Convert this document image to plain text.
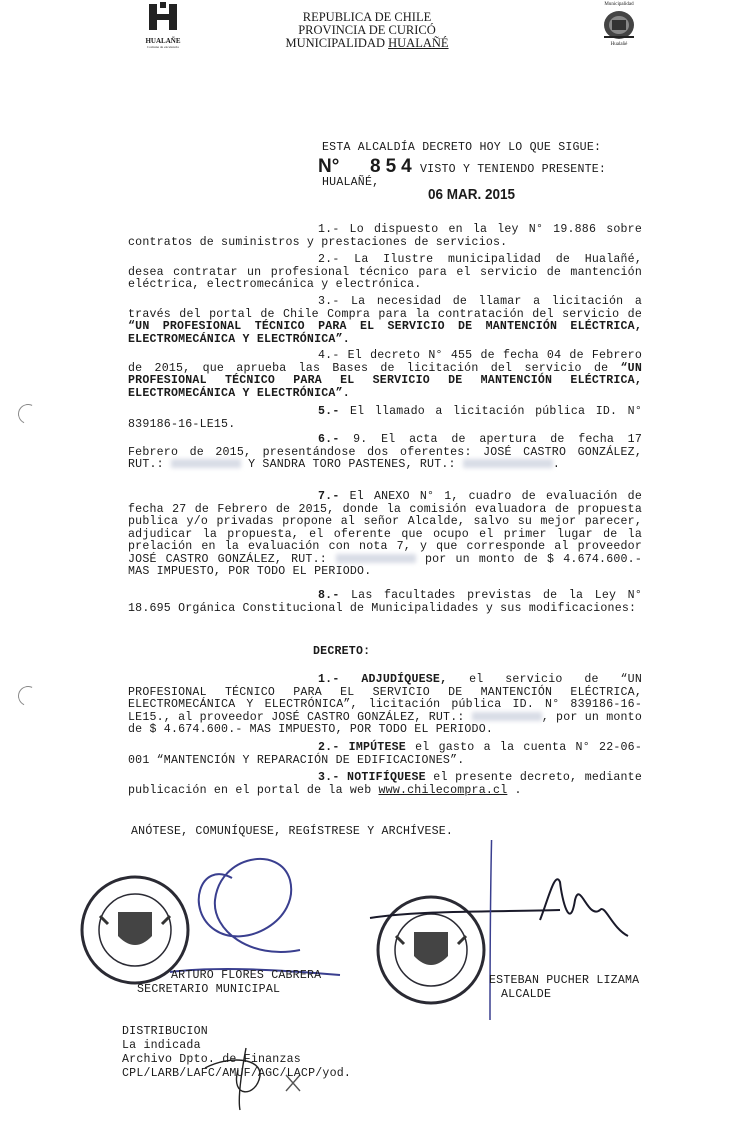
HUALAÑE
Comuna de excelencia
Municipalidad
Hualañé
REPUBLICA DE CHILE
PROVINCIA DE CURICÓ
MUNICIPALIDAD HUALAÑÉ
ESTA ALCALDÍA DECRETO HOY LO QUE SIGUE:
N° 854 VISTO Y TENIENDO PRESENTE:
HUALAÑÉ,
06 MAR. 2015
1.- Lo dispuesto en la ley N° 19.886 sobre contratos de suministros y prestaciones de servicios.
2.- La Ilustre municipalidad de Hualañé, desea contratar un profesional técnico para el servicio de mantención eléctrica, electromecánica y electrónica.
3.- La necesidad de llamar a licitación a través del portal de Chile Compra para la contratación del servicio de “UN PROFESIONAL TÉCNICO PARA EL SERVICIO DE MANTENCIÓN ELÉCTRICA, ELECTROMECÁNICA Y ELECTRÓNICA”.
4.- El decreto N° 455 de fecha 04 de Febrero de 2015, que aprueba las Bases de licitación del servicio de “UN PROFESIONAL TÉCNICO PARA EL SERVICIO DE MANTENCIÓN ELÉCTRICA, ELECTROMECÁNICA Y ELECTRÓNICA”.
5.- El llamado a licitación pública ID. N° 839186-16-LE15.
6.- 9. El acta de apertura de fecha 17 Febrero de 2015, presentándose dos oferentes: JOSÉ CASTRO GONZÁLEZ, RUT.:	Y SANDRA TORO PASTENES, RUT.:	.
7.- El ANEXO N° 1, cuadro de evaluación de fecha 27 de Febrero de 2015, donde la comisión evaluadora de propuesta publica y/o privadas propone al señor Alcalde, salvo su mejor parecer, adjudicar la propuesta, el oferente que ocupo el primer lugar de la prelación en la evaluación con nota 7, y que corresponde al proveedor JOSÉ CASTRO GONZÁLEZ, RUT.:	por un monto de $ 4.674.600.- MAS IMPUESTO, POR TODO EL PERIODO.
8.- Las facultades previstas de la Ley N° 18.695 Orgánica Constitucional de Municipalidades y sus modificaciones:
DECRETO:
1.- ADJUDÍQUESE, el servicio de “UN PROFESIONAL TÉCNICO PARA EL SERVICIO DE MANTENCIÓN ELÉCTRICA, ELECTROMECÁNICA Y ELECTRÓNICA”, licitación pública ID. N° 839186-16-LE15., al proveedor JOSÉ CASTRO GONZÁLEZ, RUT.:	, por un monto de $ 4.674.600.- MAS IMPUESTO, POR TODO EL PERIODO.
2.- IMPÚTESE el gasto a la cuenta N° 22-06-001 “MANTENCIÓN Y REPARACIÓN DE EDIFICACIONES”.
3.- NOTIFÍQUESE el presente decreto, mediante publicación en el portal de la web www.chilecompra.cl .
ANÓTESE, COMUNÍQUESE, REGÍSTRESE Y ARCHÍVESE.
ARTURO FLORES CABRERA
SECRETARIO MUNICIPAL
ESTEBAN PUCHER LIZAMA
ALCALDE
DISTRIBUCION
La indicada
Archivo Dpto. de Finanzas
CPL/LARB/LAFC/AMUF/AGC/LACP/yod.
